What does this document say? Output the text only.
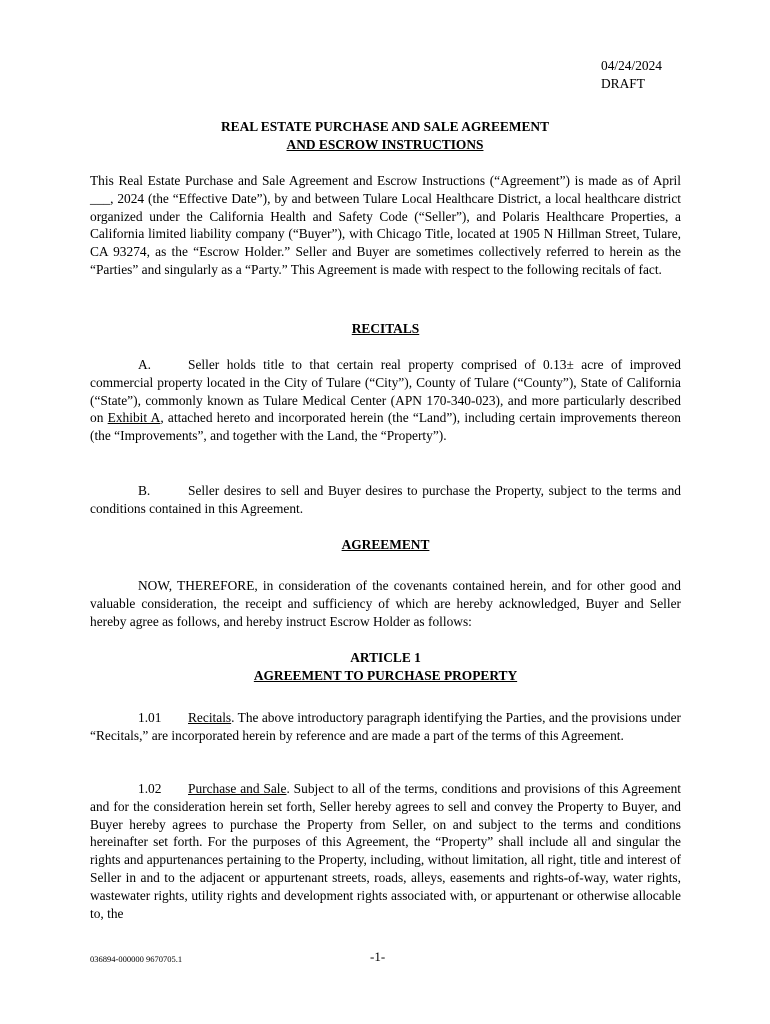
04/24/2024
DRAFT
REAL ESTATE PURCHASE AND SALE AGREEMENT
AND ESCROW INSTRUCTIONS

This Real Estate Purchase and Sale Agreement and Escrow Instructions (“Agreement”) is made as of April ___, 2024 (the “Effective Date”), by and between Tulare Local Healthcare District, a local healthcare district organized under the California Health and Safety Code (“Seller”), and Polaris Healthcare Properties, a California limited liability company (“Buyer”), with Chicago Title, located at 1905 N Hillman Street, Tulare, CA 93274, as the “Escrow Holder.” Seller and Buyer are sometimes collectively referred to herein as the “Parties” and singularly as a “Party.” This Agreement is made with respect to the following recitals of fact.

RECITALS

A.	Seller holds title to that certain real property comprised of 0.13± acre of improved commercial property located in the City of Tulare (“City”), County of Tulare (“County”), State of California (“State”), commonly known as Tulare Medical Center (APN 170-340-023), and more particularly described on Exhibit A, attached hereto and incorporated herein (the “Land”), including certain improvements thereon (the “Improvements”, and together with the Land, the “Property”).

B.	Seller desires to sell and Buyer desires to purchase the Property, subject to the terms and conditions contained in this Agreement.

AGREEMENT

NOW, THEREFORE, in consideration of the covenants contained herein, and for other good and valuable consideration, the receipt and sufficiency of which are hereby acknowledged, Buyer and Seller hereby agree as follows, and hereby instruct Escrow Holder as follows:

ARTICLE 1
AGREEMENT TO PURCHASE PROPERTY

1.01 Recitals. The above introductory paragraph identifying the Parties, and the provisions under “Recitals,” are incorporated herein by reference and are made a part of the terms of this Agreement.

1.02 Purchase and Sale. Subject to all of the terms, conditions and provisions of this Agreement and for the consideration herein set forth, Seller hereby agrees to sell and convey the Property to Buyer, and Buyer hereby agrees to purchase the Property from Seller, on and subject to the terms and conditions hereinafter set forth. For the purposes of this Agreement, the “Property” shall include all and singular the rights and appurtenances pertaining to the Property, including, without limitation, all right, title and interest of Seller in and to the adjacent or appurtenant streets, roads, alleys, easements and rights-of-way, water rights, wastewater rights, utility rights and development rights associated with, or appurtenant or otherwise allocable to, the

036894-000000 9670705.1	-1-
